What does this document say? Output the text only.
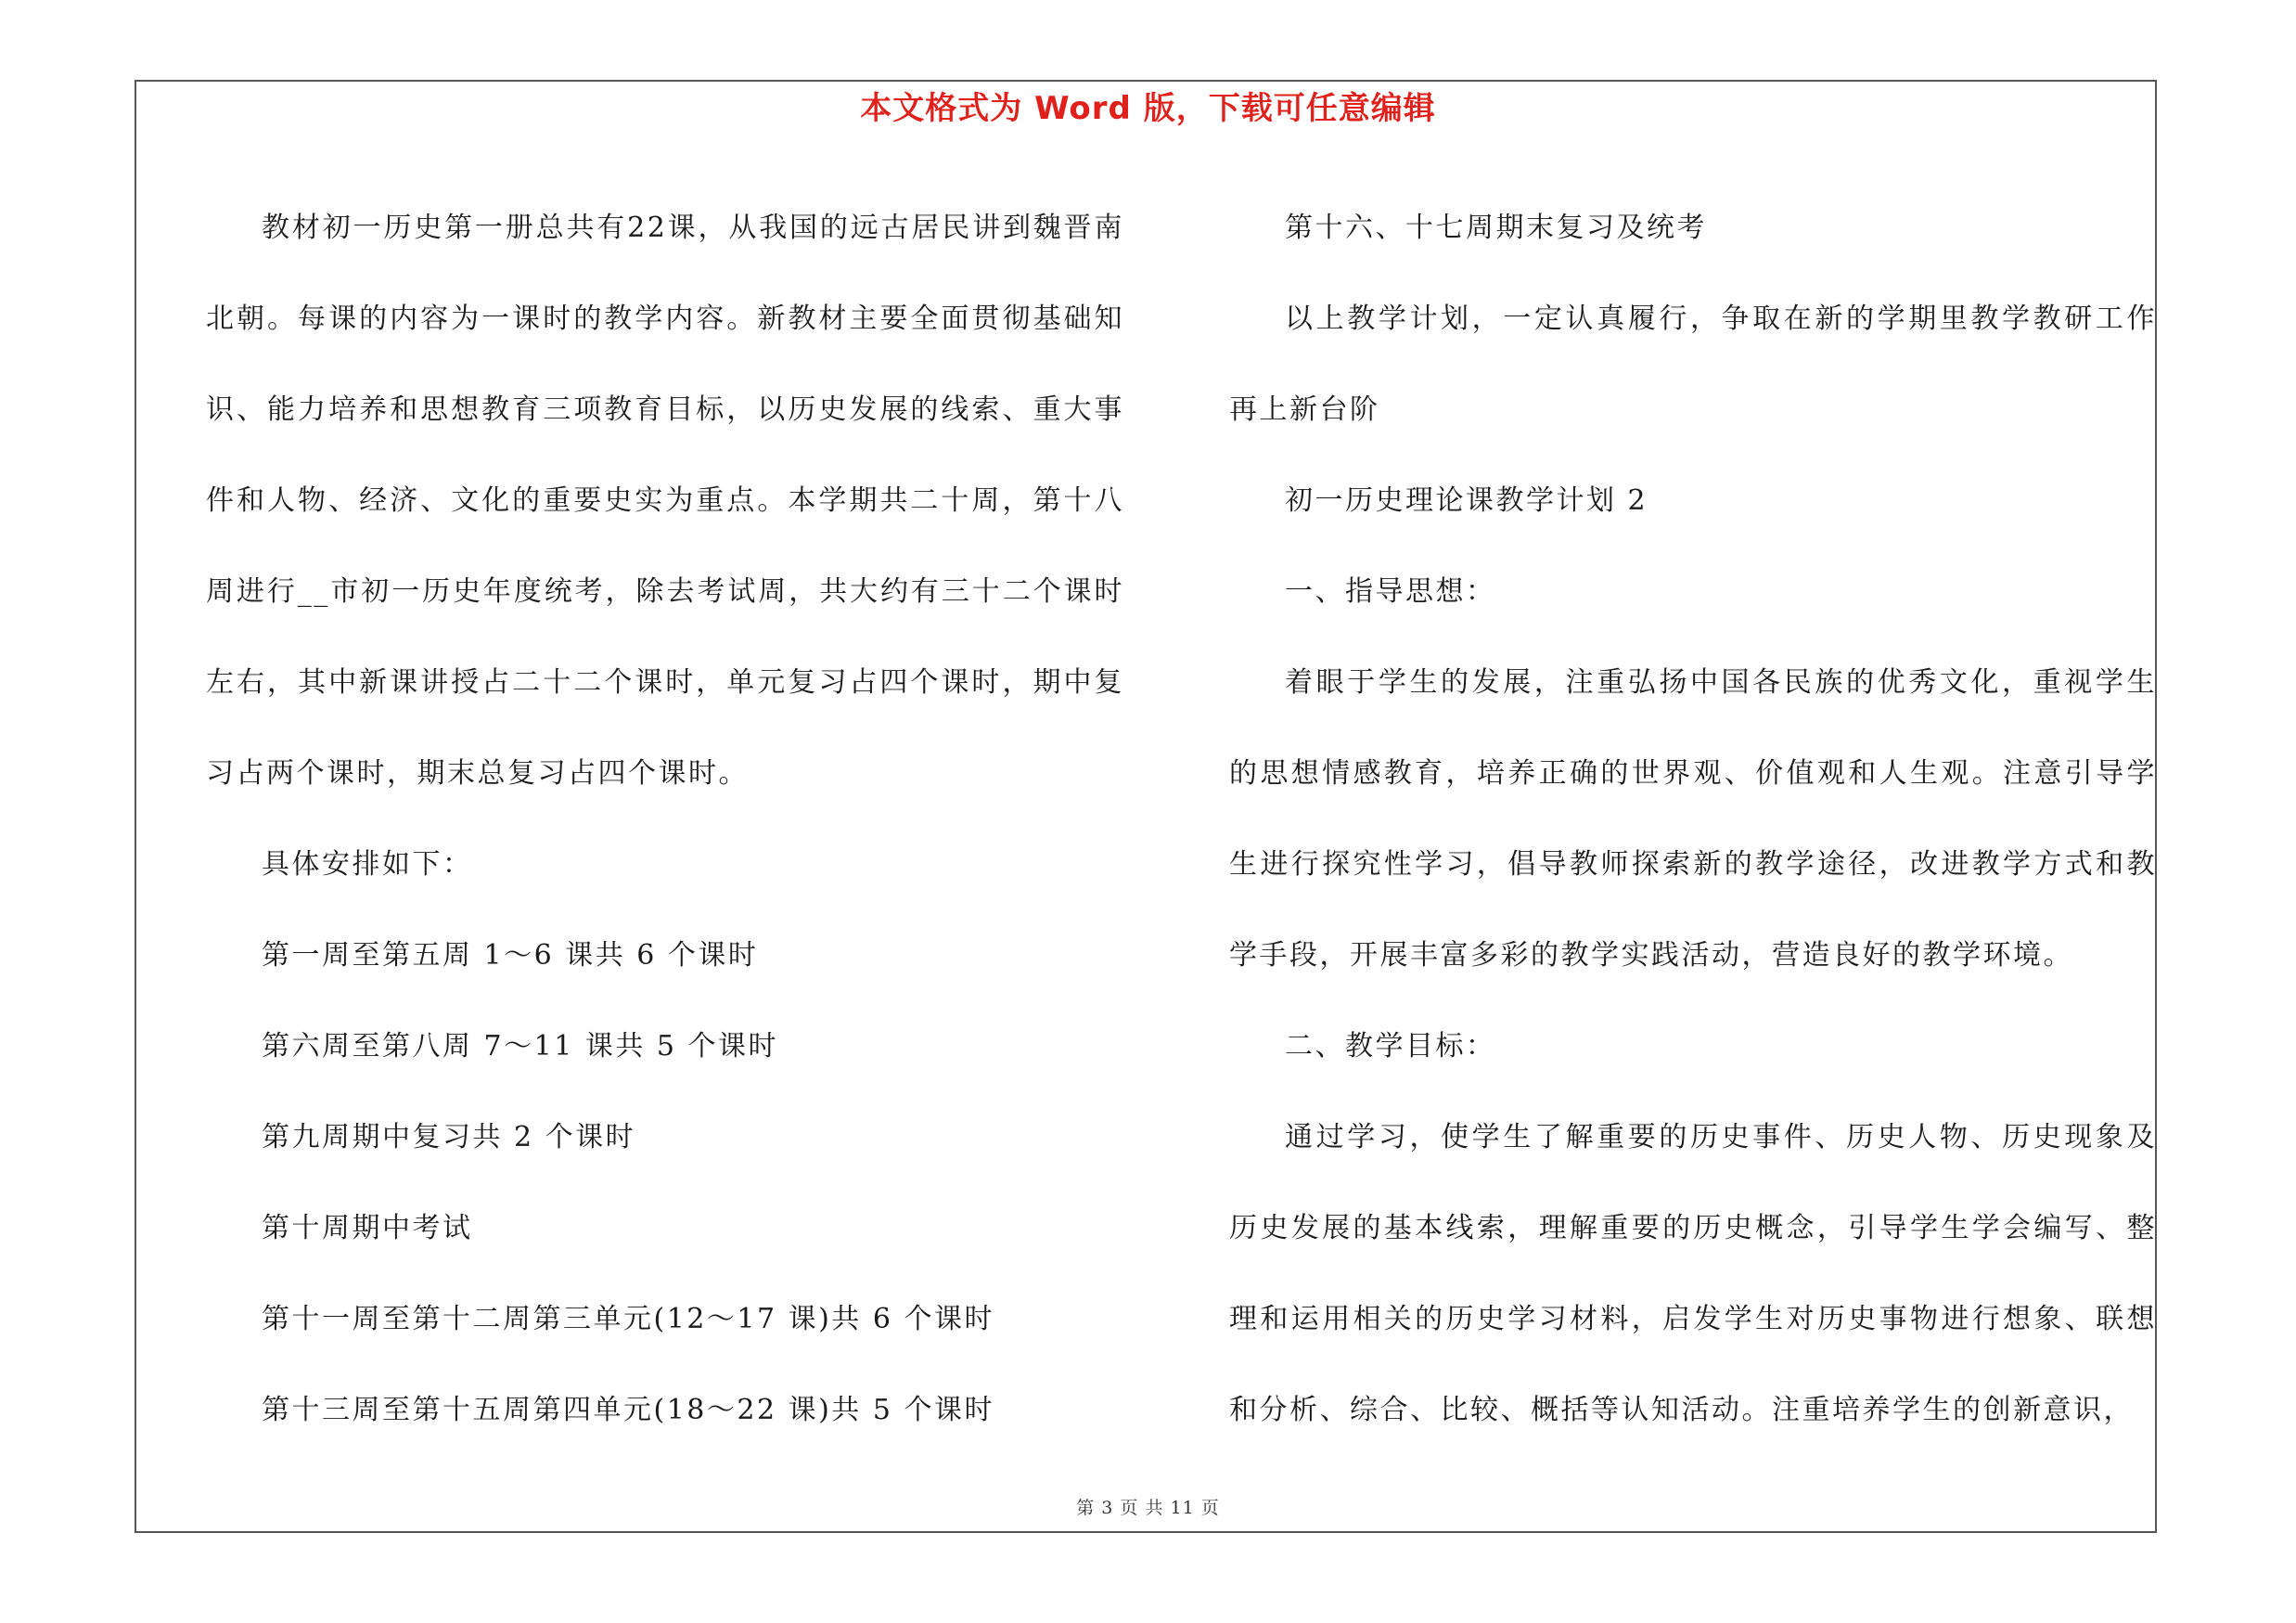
本文格式为 Word 版，下载可任意编辑

教材初一历史第一册总共有22课，从我国的远古居民讲到魏晋南北朝。每课的内容为一课时的教学内容。新教材主要全面贯彻基础知识、能力培养和思想教育三项教育目标，以历史发展的线索、重大事件和人物、经济、文化的重要史实为重点。本学期共二十周，第十八周进行__市初一历史年度统考，除去考试周，共大约有三十二个课时左右，其中新课讲授占二十二个课时，单元复习占四个课时，期中复习占两个课时，期末总复习占四个课时。

具体安排如下：

第一周至第五周 1～6 课共 6 个课时

第六周至第八周 7～11 课共 5 个课时

第九周期中复习共 2 个课时

第十周期中考试

第十一周至第十二周第三单元(12～17 课)共 6 个课时

第十三周至第十五周第四单元(18～22 课)共 5 个课时

第十六、十七周期末复习及统考

以上教学计划，一定认真履行，争取在新的学期里教学教研工作再上新台阶

初一历史理论课教学计划 2

一、指导思想：

着眼于学生的发展，注重弘扬中国各民族的优秀文化，重视学生的思想情感教育，培养正确的世界观、价值观和人生观。注意引导学生进行探究性学习，倡导教师探索新的教学途径，改进教学方式和教学手段，开展丰富多彩的教学实践活动，营造良好的教学环境。

二、教学目标：

通过学习，使学生了解重要的历史事件、历史人物、历史现象及历史发展的基本线索，理解重要的历史概念，引导学生学会编写、整理和运用相关的历史学习材料，启发学生对历史事物进行想象、联想和分析、综合、比较、概括等认知活动。注重培养学生的创新意识，

第 3 页 共 11 页
